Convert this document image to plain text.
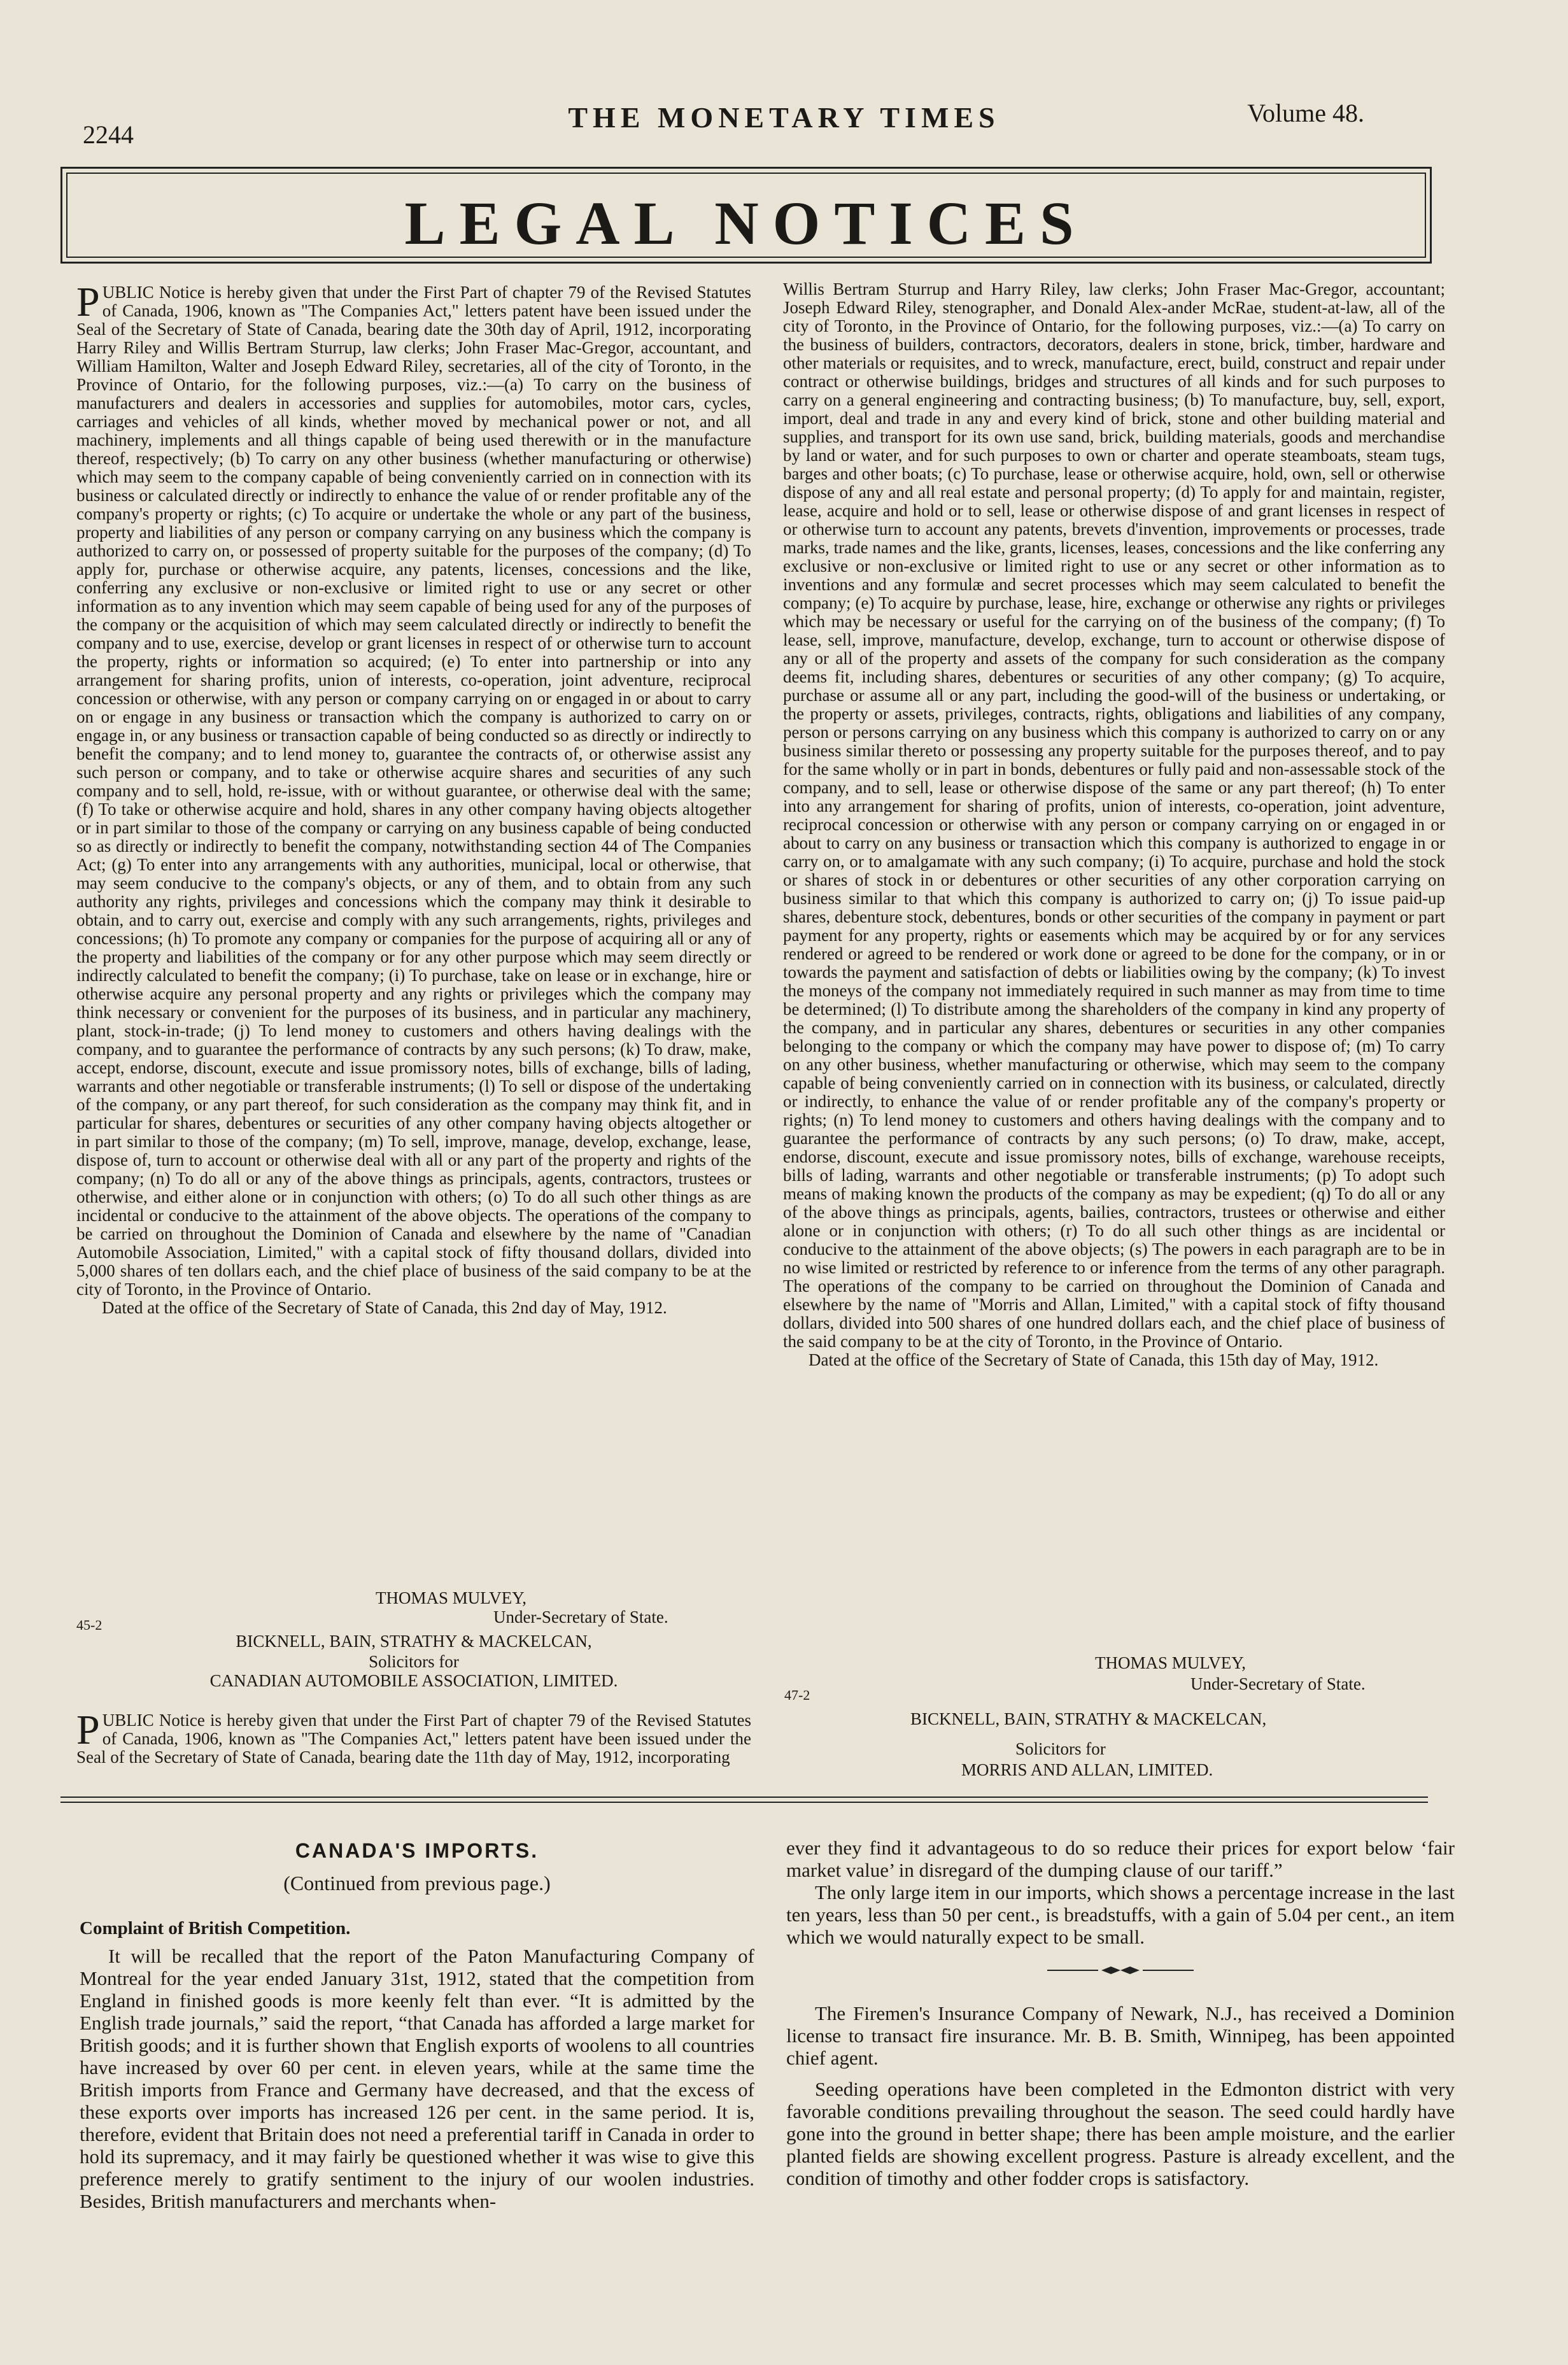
2244
THE MONETARY TIMES	Volume 48.
LEGAL NOTICES

PUBLIC Notice is hereby given that under the First Part of chapter 79 of the Revised Statutes of Canada, 1906, known as "The Companies Act," letters patent have been issued under the Seal of the Secretary of State of Canada, bearing date the 30th day of April, 1912, incorporating Harry Riley and Willis Bertram Sturrup, law clerks; John Fraser Mac-Gregor, accountant, and William Hamilton, Walter and Joseph Edward Riley, secretaries, all of the city of Toronto, in the Province of Ontario, for the following purposes, viz.:—(a) To carry on the business of manufacturers and dealers in accessories and supplies for automobiles, motor cars, cycles, carriages and vehicles of all kinds, whether moved by mechanical power or not, and all machinery, implements and all things capable of being used therewith or in the manufacture thereof, respectively; (b) To carry on any other business (whether manufacturing or otherwise) which may seem to the company capable of being conveniently carried on in connection with its business or calculated directly or indirectly to enhance the value of or render profitable any of the company's property or rights; (c) To acquire or undertake the whole or any part of the business, property and liabilities of any person or company carrying on any business which the company is authorized to carry on, or possessed of property suitable for the purposes of the company; (d) To apply for, purchase or otherwise acquire, any patents, licenses, concessions and the like, conferring any exclusive or non-exclusive or limited right to use or any secret or other information as to any invention which may seem capable of being used for any of the purposes of the company or the acquisition of which may seem calculated directly or indirectly to benefit the company and to use, exercise, develop or grant licenses in respect of or otherwise turn to account the property, rights or information so acquired; (e) To enter into partnership or into any arrangement for sharing profits, union of interests, co-operation, joint adventure, reciprocal concession or otherwise, with any person or company carrying on or engaged in or about to carry on or engage in any business or transaction which the company is authorized to carry on or engage in, or any business or transaction capable of being conducted so as directly or indirectly to benefit the company; and to lend money to, guarantee the contracts of, or otherwise assist any such person or company, and to take or otherwise acquire shares and securities of any such company and to sell, hold, re-issue, with or without guarantee, or otherwise deal with the same; (f) To take or otherwise acquire and hold, shares in any other company having objects altogether or in part similar to those of the company or carrying on any business capable of being conducted so as directly or indirectly to benefit the company, notwithstanding section 44 of The Companies Act; (g) To enter into any arrangements with any authorities, municipal, local or otherwise, that may seem conducive to the company's objects, or any of them, and to obtain from any such authority any rights, privileges and concessions which the company may think it desirable to obtain, and to carry out, exercise and comply with any such arrangements, rights, privileges and concessions; (h) To promote any company or companies for the purpose of acquiring all or any of the property and liabilities of the company or for any other purpose which may seem directly or indirectly calculated to benefit the company; (i) To purchase, take on lease or in exchange, hire or otherwise acquire any personal property and any rights or privileges which the company may think necessary or convenient for the purposes of its business, and in particular any machinery, plant, stock-in-trade; (j) To lend money to customers and others having dealings with the company, and to guarantee the performance of contracts by any such persons; (k) To draw, make, accept, endorse, discount, execute and issue promissory notes, bills of exchange, bills of lading, warrants and other negotiable or transferable instruments; (l) To sell or dispose of the undertaking of the company, or any part thereof, for such consideration as the company may think fit, and in particular for shares, debentures or securities of any other company having objects altogether or in part similar to those of the company; (m) To sell, improve, manage, develop, exchange, lease, dispose of, turn to account or otherwise deal with all or any part of the property and rights of the company; (n) To do all or any of the above things as principals, agents, contractors, trustees or otherwise, and either alone or in conjunction with others; (o) To do all such other things as are incidental or conducive to the attainment of the above objects. The operations of the company to be carried on throughout the Dominion of Canada and elsewhere by the name of "Canadian Automobile Association, Limited," with a capital stock of fifty thousand dollars, divided into 5,000 shares of ten dollars each, and the chief place of business of the said company to be at the city of Toronto, in the Province of Ontario.

Dated at the office of the Secretary of State of Canada, this 2nd day of May, 1912.

THOMAS MULVEY,
Under-Secretary of State.
45-2
BICKNELL, BAIN, STRATHY & MACKELCAN,
Solicitors for
CANADIAN AUTOMOBILE ASSOCIATION, LIMITED.
PUBLIC Notice is hereby given that under the First Part of chapter 79 of the Revised Statutes of Canada, 1906, known as "The Companies Act," letters patent have been issued under the Seal of the Secretary of State of Canada, bearing date the 11th day of May, 1912, incorporating

Willis Bertram Sturrup and Harry Riley, law clerks; John Fraser Mac-Gregor, accountant; Joseph Edward Riley, stenographer, and Donald Alex-ander McRae, student-at-law, all of the city of Toronto, in the Province of Ontario, for the following purposes, viz.:—(a) To carry on the business of builders, contractors, decorators, dealers in stone, brick, timber, hardware and other materials or requisites, and to wreck, manufacture, erect, build, construct and repair under contract or otherwise buildings, bridges and structures of all kinds and for such purposes to carry on a general engineering and contracting business; (b) To manufacture, buy, sell, export, import, deal and trade in any and every kind of brick, stone and other building material and supplies, and transport for its own use sand, brick, building materials, goods and merchandise by land or water, and for such purposes to own or charter and operate steamboats, steam tugs, barges and other boats; (c) To purchase, lease or otherwise acquire, hold, own, sell or otherwise dispose of any and all real estate and personal property; (d) To apply for and maintain, register, lease, acquire and hold or to sell, lease or otherwise dispose of and grant licenses in respect of or otherwise turn to account any patents, brevets d'invention, improvements or processes, trade marks, trade names and the like, grants, licenses, leases, concessions and the like conferring any exclusive or non-exclusive or limited right to use or any secret or other information as to inventions and any formulæ and secret processes which may seem calculated to benefit the company; (e) To acquire by purchase, lease, hire, exchange or otherwise any rights or privileges which may be necessary or useful for the carrying on of the business of the company; (f) To lease, sell, improve, manufacture, develop, exchange, turn to account or otherwise dispose of any or all of the property and assets of the company for such consideration as the company deems fit, including shares, debentures or securities of any other company; (g) To acquire, purchase or assume all or any part, including the good-will of the business or undertaking, or the property or assets, privileges, contracts, rights, obligations and liabilities of any company, person or persons carrying on any business which this company is authorized to carry on or any business similar thereto or possessing any property suitable for the purposes thereof, and to pay for the same wholly or in part in bonds, debentures or fully paid and non-assessable stock of the company, and to sell, lease or otherwise dispose of the same or any part thereof; (h) To enter into any arrangement for sharing of profits, union of interests, co-operation, joint adventure, reciprocal concession or otherwise with any person or company carrying on or engaged in or about to carry on any business or transaction which this company is authorized to engage in or carry on, or to amalgamate with any such company; (i) To acquire, purchase and hold the stock or shares of stock in or debentures or other securities of any other corporation carrying on business similar to that which this company is authorized to carry on; (j) To issue paid-up shares, debenture stock, debentures, bonds or other securities of the company in payment or part payment for any property, rights or easements which may be acquired by or for any services rendered or agreed to be rendered or work done or agreed to be done for the company, or in or towards the payment and satisfaction of debts or liabilities owing by the company; (k) To invest the moneys of the company not immediately required in such manner as may from time to time be determined; (l) To distribute among the shareholders of the company in kind any property of the company, and in particular any shares, debentures or securities in any other companies belonging to the company or which the company may have power to dispose of; (m) To carry on any other business, whether manufacturing or otherwise, which may seem to the company capable of being conveniently carried on in connection with its business, or calculated, directly or indirectly, to enhance the value of or render profitable any of the company's property or rights; (n) To lend money to customers and others having dealings with the company and to guarantee the performance of contracts by any such persons; (o) To draw, make, accept, endorse, discount, execute and issue promissory notes, bills of exchange, warehouse receipts, bills of lading, warrants and other negotiable or transferable instruments; (p) To adopt such means of making known the products of the company as may be expedient; (q) To do all or any of the above things as principals, agents, bailies, contractors, trustees or otherwise and either alone or in conjunction with others; (r) To do all such other things as are incidental or conducive to the attainment of the above objects; (s) The powers in each paragraph are to be in no wise limited or restricted by reference to or inference from the terms of any other paragraph. The operations of the company to be carried on throughout the Dominion of Canada and elsewhere by the name of "Morris and Allan, Limited," with a capital stock of fifty thousand dollars, divided into 500 shares of one hundred dollars each, and the chief place of business of the said company to be at the city of Toronto, in the Province of Ontario.

Dated at the office of the Secretary of State of Canada, this 15th day of May, 1912.

THOMAS MULVEY,
Under-Secretary of State.
47-2
BICKNELL, BAIN, STRATHY & MACKELCAN,
Solicitors for
MORRIS AND ALLAN, LIMITED.

CANADA'S IMPORTS.

(Continued from previous page.)

Complaint of British Competition.

It will be recalled that the report of the Paton Manufacturing Company of Montreal for the year ended January 31st, 1912, stated that the competition from England in finished goods is more keenly felt than ever. “It is admitted by the English trade journals,” said the report, “that Canada has afforded a large market for British goods; and it is further shown that English exports of woolens to all countries have increased by over 60 per cent. in eleven years, while at the same time the British imports from France and Germany have decreased, and that the excess of these exports over imports has increased 126 per cent. in the same period. It is, therefore, evident that Britain does not need a preferential tariff in Canada in order to hold its supremacy, and it may fairly be questioned whether it was wise to give this preference merely to gratify sentiment to the injury of our woolen industries. Besides, British manufacturers and merchants when-

ever they find it advantageous to do so reduce their prices for export below ‘fair market value’ in disregard of the dumping clause of our tariff.”

The only large item in our imports, which shows a percentage increase in the last ten years, less than 50 per cent., is breadstuffs, with a gain of 5.04 per cent., an item which we would naturally expect to be small.

The Firemen's Insurance Company of Newark, N.J., has received a Dominion license to transact fire insurance. Mr. B. B. Smith, Winnipeg, has been appointed chief agent.

Seeding operations have been completed in the Edmonton district with very favorable conditions prevailing throughout the season. The seed could hardly have gone into the ground in better shape; there has been ample moisture, and the earlier planted fields are showing excellent progress. Pasture is already excellent, and the condition of timothy and other fodder crops is satisfactory.
